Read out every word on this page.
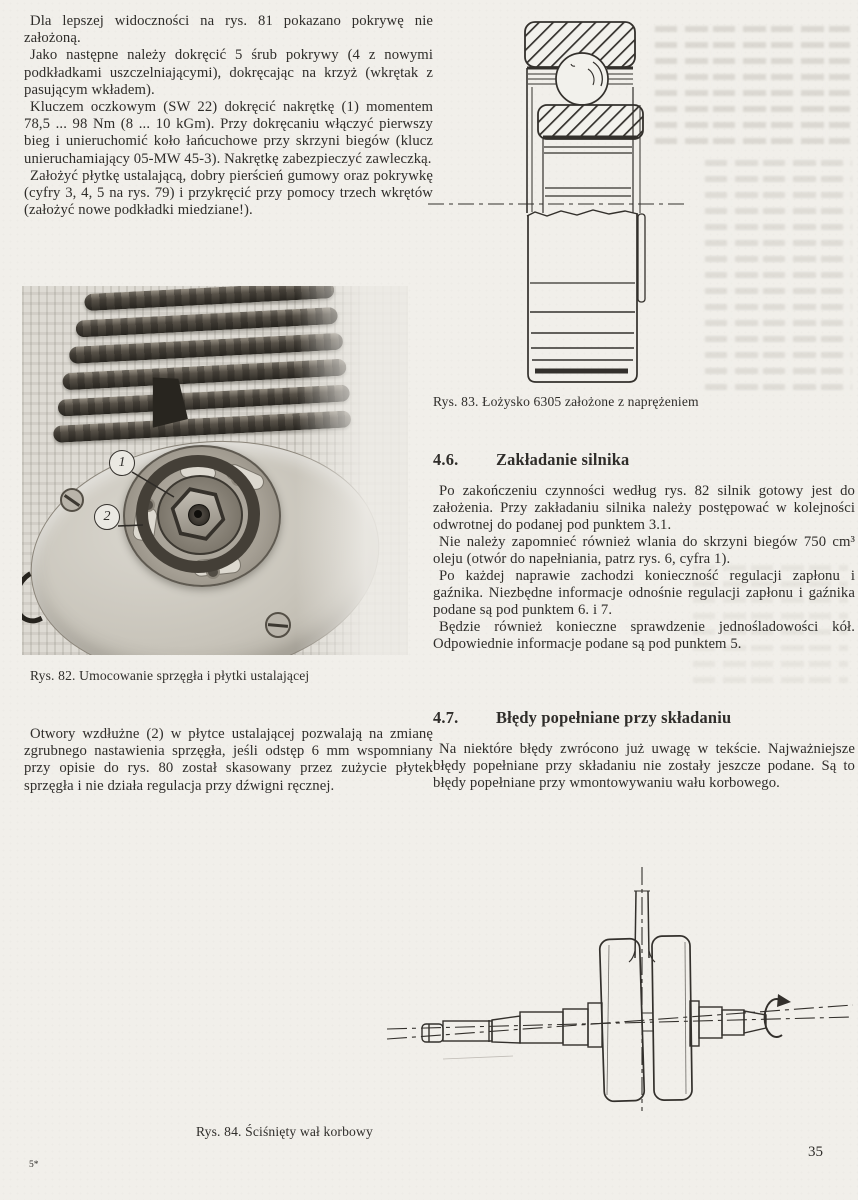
Dla lepszej widoczności na rys. 81 pokazano pokrywę nie założoną.

Jako następne należy dokręcić 5 śrub pokrywy (4 z nowymi podkładkami uszczelniającymi), dokręcając na krzyż (wkrętak z pasującym wkładem).

Kluczem oczkowym (SW 22) dokręcić nakrętkę (1) momentem 78,5 ... 98 Nm (8 ... 10 kGm). Przy dokręcaniu włączyć pierwszy bieg i unieruchomić koło łańcuchowe przy skrzyni biegów (klucz unieruchamiający 05-MW 45-3). Nakrętkę zabezpieczyć zawleczką.

Założyć płytkę ustalającą, dobry pierścień gumowy oraz pokrywkę (cyfry 3, 4, 5 na rys. 79) i przykręcić przy pomocy trzech wkrętów (założyć nowe podkładki miedziane!).

Rys. 83. Łożysko 6305 założone z naprężeniem
4.6.	Zakładanie silnika

Po zakończeniu czynności według rys. 82 silnik gotowy jest do założenia. Przy zakładaniu silnika należy postępować w kolejności odwrotnej do podanej pod punktem 3.1.

Nie należy zapomnieć również wlania do skrzyni biegów 750 cm³ oleju (otwór do napełniania, patrz rys. 6, cyfra 1).

Po każdej naprawie zachodzi konieczność regulacji zapłonu i gaźnika. Niezbędne informacje odnośnie regulacji zapłonu i gaźnika podane są pod punktem 6. i 7.

Będzie również konieczne sprawdzenie jednośladowości kół. Odpowiednie informacje podane są pod punktem 5.

4.7.	Błędy popełniane przy składaniu

Na niektóre błędy zwrócono już uwagę w tekście. Najważniejsze błędy popełniane przy składaniu nie zostały jeszcze podane. Są to błędy popełniane przy wmontowywaniu wału korbowego.

1
2
Rys. 82. Umocowanie sprzęgła i płytki ustalającej

Otwory wzdłużne (2) w płytce ustalającej pozwalają na zmianę zgrubnego nastawienia sprzęgła, jeśli odstęp 6 mm wspomniany przy opisie do rys. 80 został skasowany przez zużycie płytek sprzęgła i nie działa regulacja przy dźwigni ręcznej.

Rys. 84. Ściśnięty wał korbowy
5*
35
